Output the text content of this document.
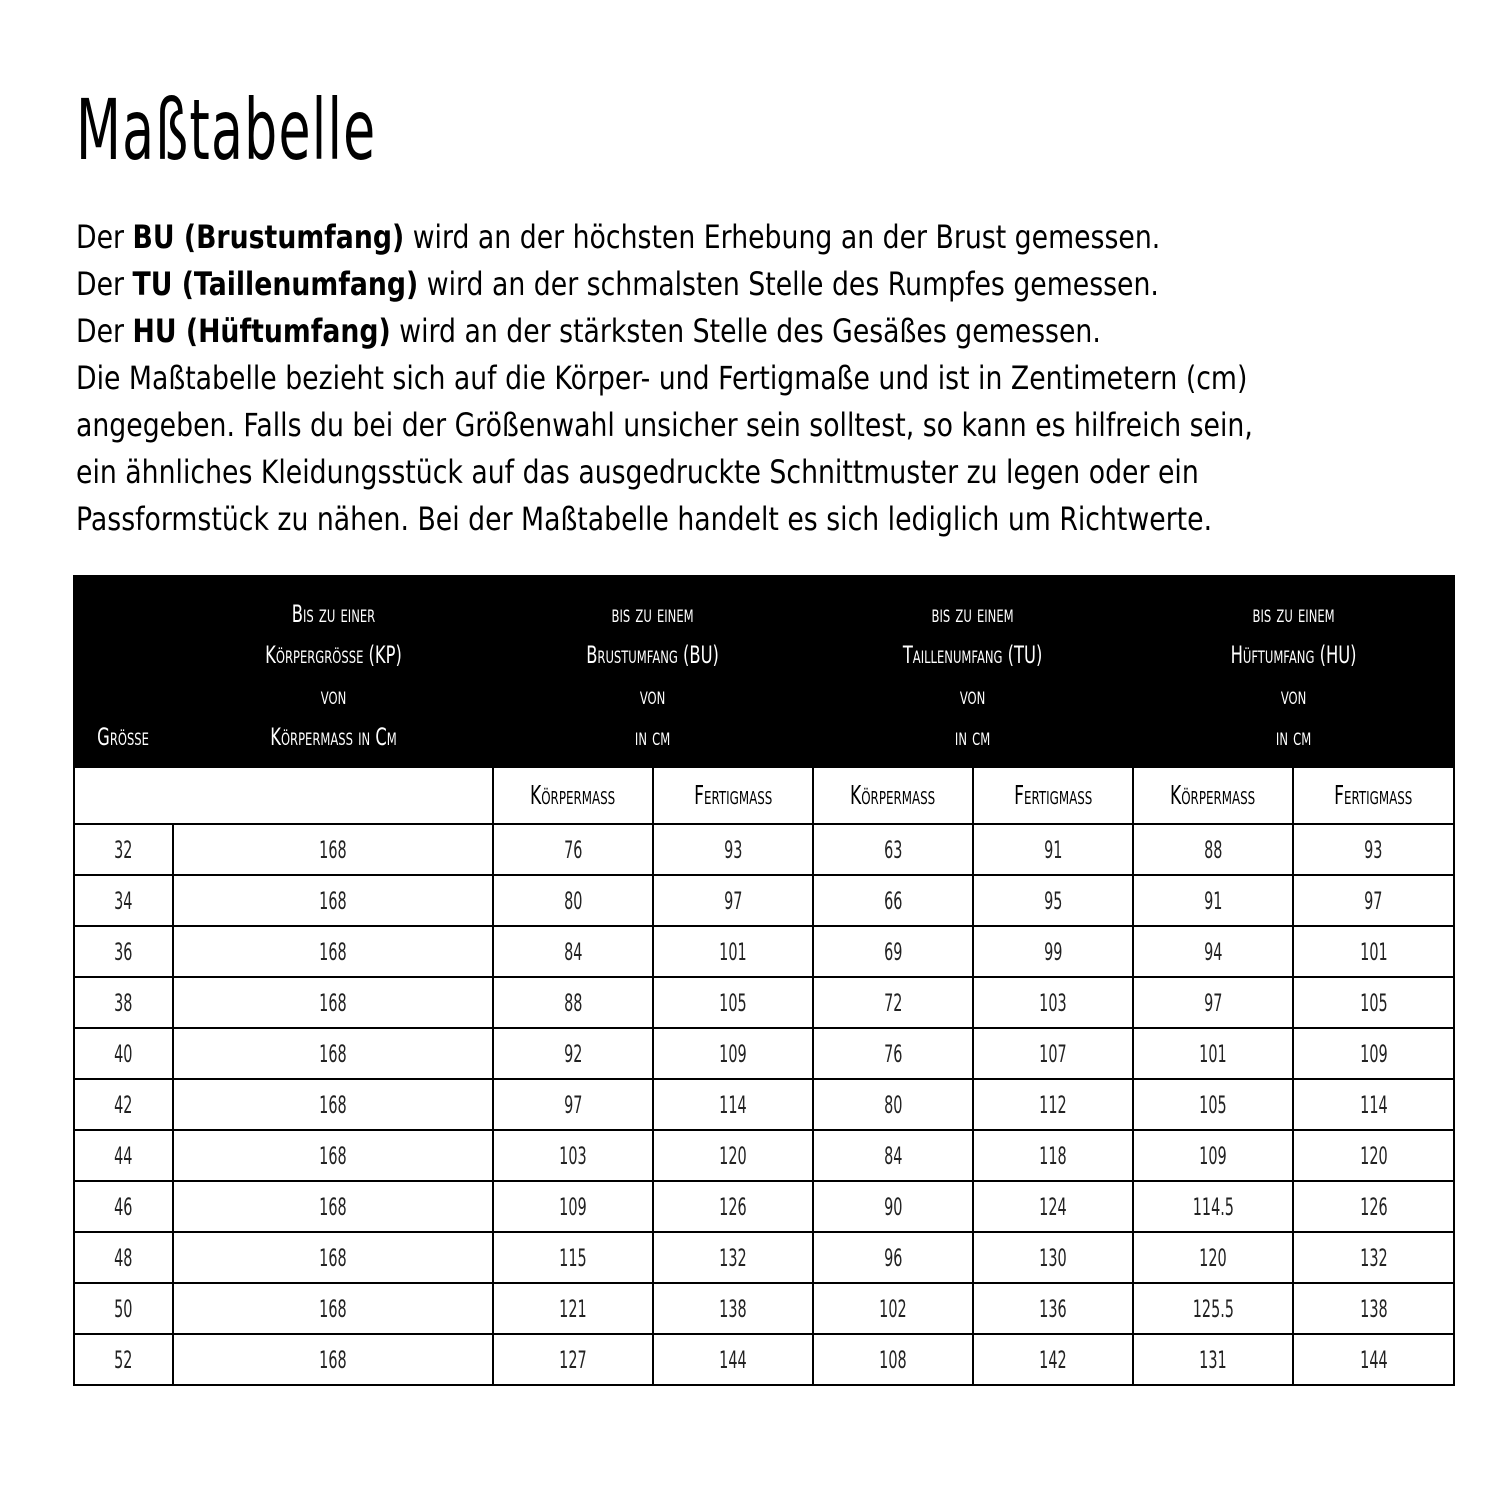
Maßtabelle
Der BU (Brustumfang) wird an der höchsten Erhebung an der Brust gemessen.
Der TU (Taillenumfang) wird an der schmalsten Stelle des Rumpfes gemessen.
Der HU (Hüftumfang) wird an der stärksten Stelle des Gesäßes gemessen.
Die Maßtabelle bezieht sich auf die Körper- und Fertigmaße und ist in Zentimetern (cm)
angegeben. Falls du bei der Größenwahl unsicher sein solltest, so kann es hilfreich sein,
ein ähnliches Kleidungsstück auf das ausgedruckte Schnittmuster zu legen oder ein
Passformstück zu nähen. Bei der Maßtabelle handelt es sich lediglich um Richtwerte.
Größe	Bis zu einer
Körpergröße (KP)
von
Körpermaß in Cm	bis zu einem
Brustumfang (BU)
von
in cm		bis zu einem
Taillenumfang (TU)
von
in cm		bis zu einem
Hüftumfang (HU)
von
in cm	

		Körpermaß	Fertigmaß	Körpermaß	Fertigmaß	Körpermaß	Fertigmaß
32	168	76	93	63	91	88	93
34	168	80	97	66	95	91	97
36	168	84	101	69	99	94	101
38	168	88	105	72	103	97	105
40	168	92	109	76	107	101	109
42	168	97	114	80	112	105	114
44	168	103	120	84	118	109	120
46	168	109	126	90	124	114.5	126
48	168	115	132	96	130	120	132
50	168	121	138	102	136	125.5	138
52	168	127	144	108	142	131	144
